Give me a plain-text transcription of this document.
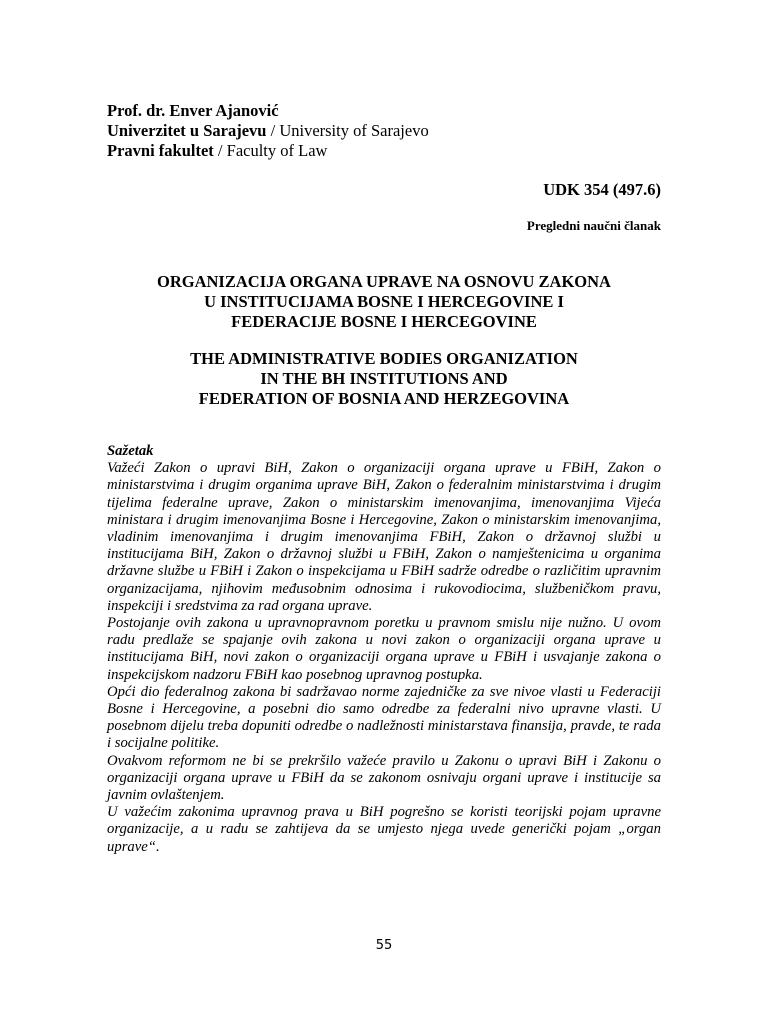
Prof. dr. Enver Ajanović
Univerzitet u Sarajevu / University of Sarajevo
Pravni fakultet / Faculty of Law
UDK 354 (497.6)
Pregledni naučni članak
ORGANIZACIJA ORGANA UPRAVE NA OSNOVU ZAKONA
U INSTITUCIJAMA BOSNE I HERCEGOVINE I
FEDERACIJE BOSNE I HERCEGOVINE
THE ADMINISTRATIVE BODIES ORGANIZATION
IN THE BH INSTITUTIONS AND
FEDERATION OF BOSNIA AND HERZEGOVINA
Sažetak

Važeći Zakon o upravi BiH, Zakon o organizaciji organa uprave u FBiH, Zakon o ministarstvima i drugim organima uprave BiH, Zakon o federalnim ministarstvima i drugim tijelima federalne uprave, Zakon o ministarskim imenovanjima, imenovanjima Vijeća ministara i drugim imenovanjima Bosne i Hercegovine, Zakon o ministarskim imenovanjima, vladinim imenovanjima i drugim imenovanjima FBiH, Zakon o državnoj službi u institucijama BiH, Zakon o državnoj službi u FBiH, Zakon o namještenicima u organima državne službe u FBiH i Zakon o inspekcijama u FBiH sadrže odredbe o različitim upravnim organizacijama, njihovim međusobnim odnosima i rukovodiocima, službeničkom pravu, inspekciji i sredstvima za rad organa uprave.

Postojanje ovih zakona u upravnopravnom poretku u pravnom smislu nije nužno. U ovom radu predlaže se spajanje ovih zakona u novi zakon o organizaciji organa uprave u institucijama BiH, novi zakon o organizaciji organa uprave u FBiH i usvajanje zakona o inspekcijskom nadzoru FBiH kao posebnog upravnog postupka.

Opći dio federalnog zakona bi sadržavao norme zajedničke za sve nivoe vlasti u Federaciji Bosne i Hercegovine, a posebni dio samo odredbe za federalni nivo upravne vlasti. U posebnom dijelu treba dopuniti odredbe o nadležnosti ministarstava finansija, pravde, te rada i socijalne politike.

Ovakvom reformom ne bi se prekršilo važeće pravilo u Zakonu o upravi BiH i Zakonu o organizaciji organa uprave u FBiH da se zakonom osnivaju organi uprave i institucije sa javnim ovlaštenjem.

U važećim zakonima upravnog prava u BiH pogrešno se koristi teorijski pojam upravne organizacije, a u radu se zahtijeva da se umjesto njega uvede generički pojam „organ uprave“.

55
